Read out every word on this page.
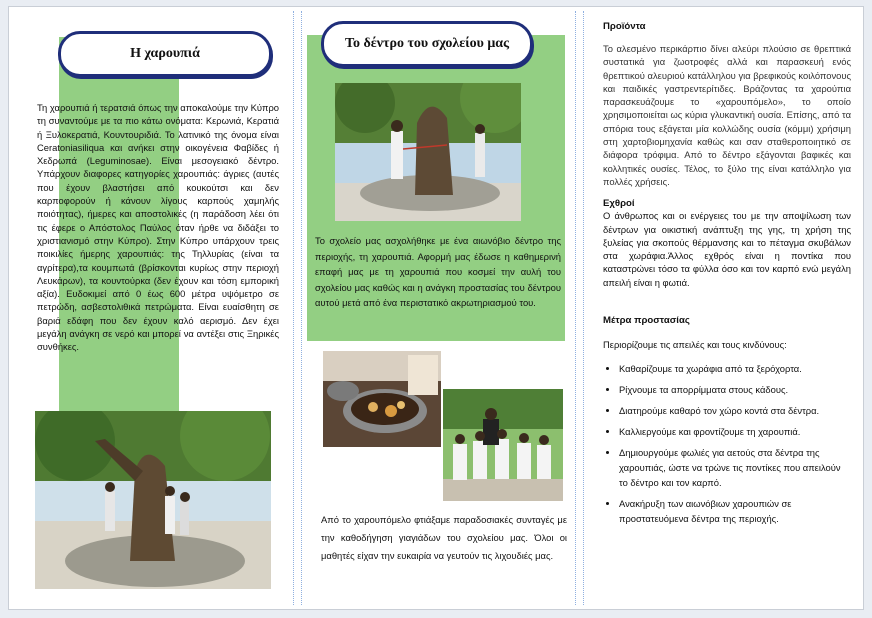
Η χαρουπιά
Τη χαρουπιά ή τερατσιά όπως την αποκαλούμε την Κύπρο τη συναντούμε με τα πιο κάτω ονόματα: Κερωνιά, Κερατιά ή Ξυλοκερατιά, Κουντουριδιά. Το λατινικό της όνομα είναι Ceratoniasiliqua και ανήκει στην οικογένεια Φαβίδες ή Χεδρωπά (Leguminosae). Είναι μεσογειακό δέντρο. Υπάρχουν διαφορες κατηγορίες χαρουπιάς: άγριες (αυτές που έχουν βλαστήσει από κουκούτσι και δεν καρποφορούν ή κάνουν λίγους καρπούς χαμηλής ποιότητας), ήμερες και αποστολικές (η παράδοση λέει ότι τις έφερε ο Απόστολος Παύλος όταν ήρθε να διδάξει το χριστιανισμό στην Κύπρο). Στην Κύπρο υπάρχουν τρεις ποικιλίες ήμερης χαρουπιάς: της Τηλλυρίας (είναι τα αγρίτερα),τα κουμπωτά (βρίσκονται κυρίως στην περιοχή Λευκάρων), τα κουντούρκα (δεν έχουν και τόση εμπορική αξία). Ευδοκιμεί από 0 έως 600 μέτρα υψόμετρο σε πετρώδη, ασβεστολιθικά πετρώματα. Είναι ευαίσθητη σε βαριά εδάφη που δεν έχουν καλό αερισμό. Δεν έχει μεγάλη ανάγκη σε νερό και μπορεί να αντέξει στις Ξηρικές συνθήκες.
Το δέντρο του σχολείου μας
Το σχολείο μας ασχολήθηκε με ένα αιωνόβιο δέντρο της περιοχής, τη χαρουπιά. Αφορμή μας έδωσε η καθημερινή επαφή μας με τη χαρουπιά που κοσμεί την αυλή του σχολείου μας καθώς και η ανάγκη προστασίας του δέντρου αυτού μετά από ένα περιστατικό ακρωτηριασμού του.
Από το χαρουπόμελο φτιάξαμε παραδοσιακές συνταγές με την καθοδήγηση γιαγιάδων του σχολείου μας. Όλοι οι μαθητές είχαν την ευκαιρία να γευτούν τις λιχουδιές μας.
Προϊόντα
Το αλεσμένο περικάρπιο δίνει αλεύρι πλούσιο σε θρεπτικά συστατικά για ζωοτροφές αλλά και παρασκευή ενός θρεπτικού αλευριού κατάλληλου για βρεφικούς κοιλόπονους και παιδικές γαστρεντερίτιδες. Βράζοντας τα χαρούπια παρασκευάζουμε το «χαρουπόμελο», το οποίο χρησιμοποιείται ως κύρια γλυκαντική ουσία. Επίσης, από τα σπόρια τους εξάγεται μία κολλώδης ουσία (κόμμι) χρήσιμη στη χαρτοβιομηχανία καθώς και σαν σταθεροποιητικό σε διάφορα τρόφιμα. Από το δέντρο εξάγονται βαφικές και κολλητικές ουσίες. Τέλος, το ξύλο της είναι κατάλληλο για πολλές χρήσεις.
Εχθροί
Ο άνθρωπος και οι ενέργειες του με την αποψίλωση των δέντρων για οικιστική ανάπτυξη της γης, τη χρήση της ξυλείας για σκοπούς θέρμανσης και το πέταγμα σκυβάλων στα χωράφια.Άλλος εχθρός είναι η ποντίκα που καταστρώνει τόσο τα φύλλα όσο και τον καρπό ενώ μεγάλη απειλή είναι η φωτιά.
Μέτρα προστασίας
Περιορίζουμε τις απειλές και τους κινδύνους:
• Καθαρίζουμε τα χωράφια από τα ξερόχορτα.
• Ρίχνουμε τα απορρίμματα στους κάδους.
• Διατηρούμε καθαρό τον χώρο κοντά στα δέντρα.
• Καλλιεργούμε και φροντίζουμε τη χαρουπιά.
• Δημιουργούμε φωλιές για αετούς στα δέντρα της χαρουπιάς, ώστε να τρώνε τις ποντίκες που απειλούν το δέντρο και τον καρπό.
• Ανακήρυξη των αιωνόβιων χαρουπιών σε προστατευόμενα δέντρα της περιοχής.
